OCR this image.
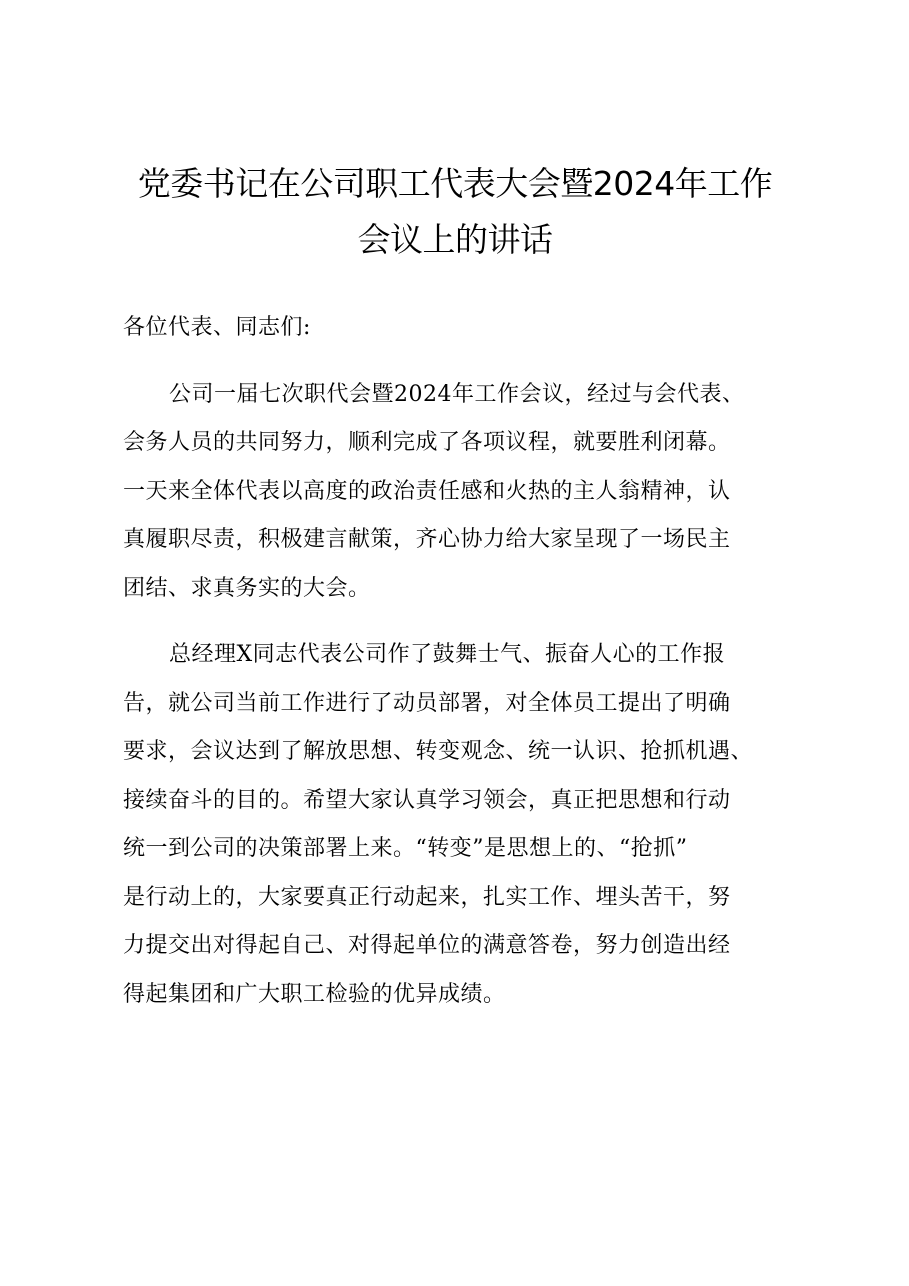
党委书记在公司职工代表大会暨2024年工作
会议上的讲话
各位代表、同志们:
公司一届七次职代会暨2024年工作会议，经过与会代表、
会务人员的共同努力，顺利完成了各项议程，就要胜利闭幕。
一天来全体代表以高度的政治责任感和火热的主人翁精神，认
真履职尽责，积极建言献策，齐心协力给大家呈现了一场民主
团结、求真务实的大会。
总经理X同志代表公司作了鼓舞士气、振奋人心的工作报
告，就公司当前工作进行了动员部署，对全体员工提出了明确
要求，会议达到了解放思想、转变观念、统一认识、抢抓机遇、
接续奋斗的目的。希望大家认真学习领会，真正把思想和行动
统一到公司的决策部署上来。“转变”是思想上的、“抢抓”
是行动上的，大家要真正行动起来，扎实工作、埋头苦干，努
力提交出对得起自己、对得起单位的满意答卷，努力创造出经
得起集团和广大职工检验的优异成绩。
